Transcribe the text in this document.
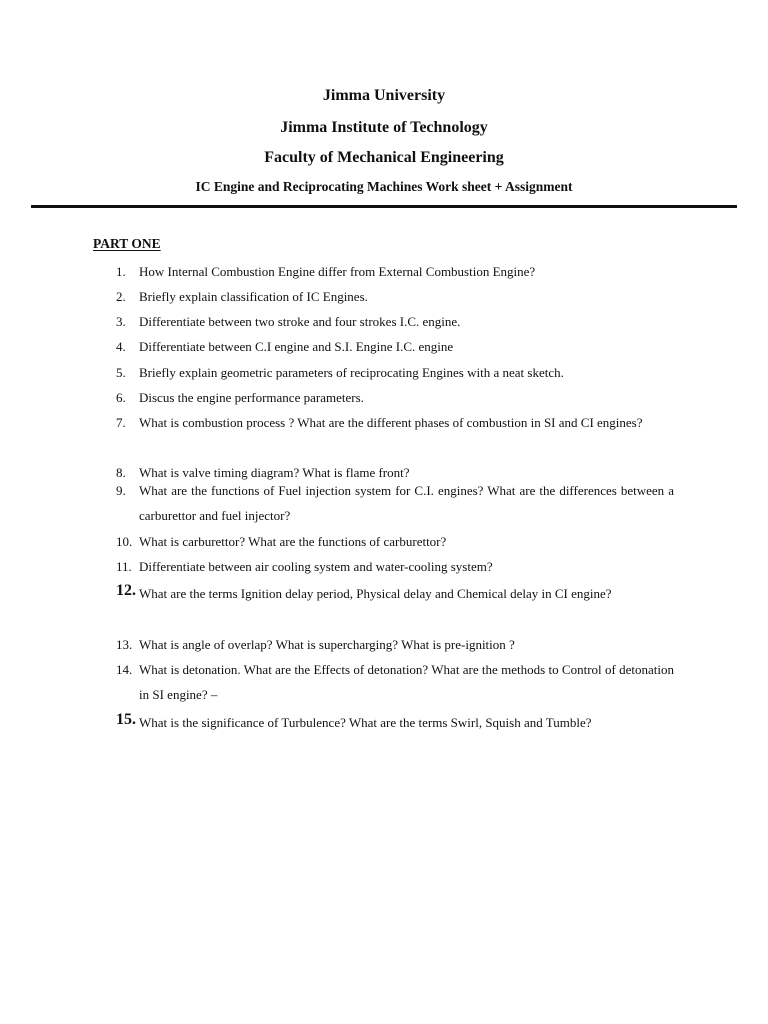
Jimma University
Jimma Institute of Technology
Faculty of Mechanical Engineering
IC Engine and Reciprocating Machines Work sheet + Assignment
PART ONE
1. How Internal Combustion Engine differ from External Combustion Engine?
2. Briefly explain classification of IC Engines.
3. Differentiate between two stroke and four strokes I.C. engine.
4. Differentiate between C.I engine and S.I. Engine I.C. engine
5. Briefly explain geometric parameters of reciprocating Engines with a neat sketch.
6. Discus the engine performance parameters.
7. What is combustion process ? What are the different phases of combustion in SI and CI engines?
8. What is valve timing diagram? What is flame front?
9. What are the functions of Fuel injection system for C.I. engines? What are the differences between a carburettor and fuel injector?
10. What is carburettor? What are the functions of carburettor?
11. Differentiate between air cooling system and water-cooling system?
12. What are the terms Ignition delay period, Physical delay and Chemical delay in CI engine?
13. What is angle of overlap? What is supercharging? What is pre-ignition ?
14. What is detonation. What are the Effects of detonation? What are the methods to Control of detonation in SI engine? –
15. What is the significance of Turbulence? What are the terms Swirl, Squish and Tumble?
